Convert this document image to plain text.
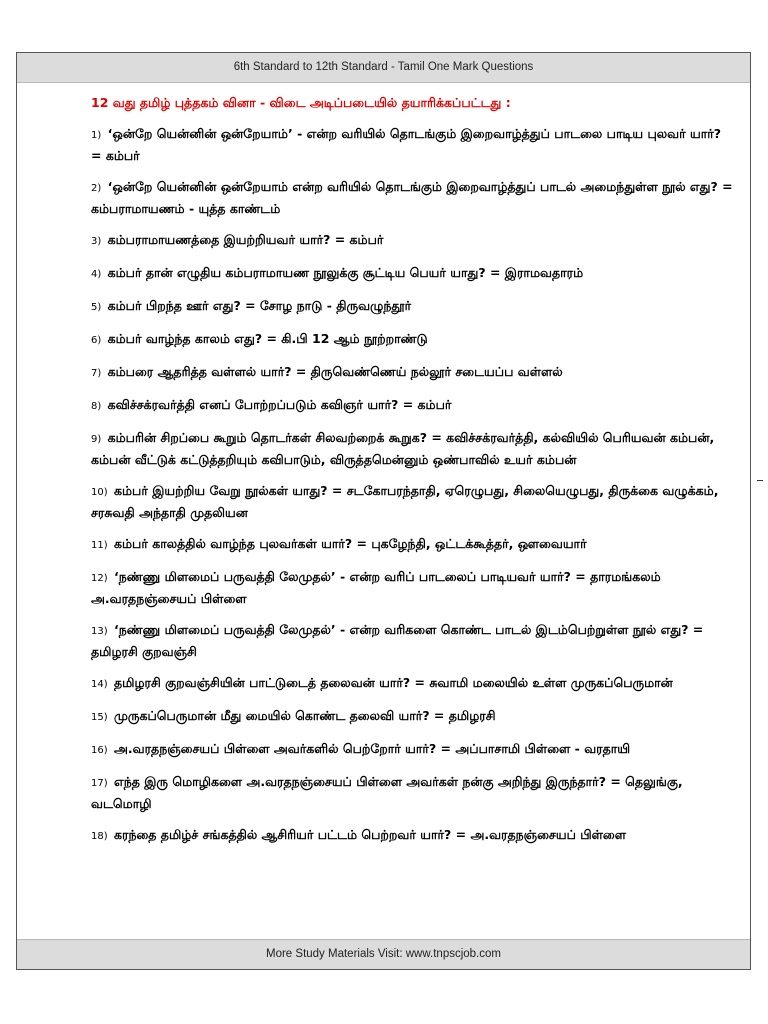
6th Standard to 12th Standard - Tamil One Mark Questions
12 வது தமிழ் புத்தகம் வினா - விடை அடிப்படையில் தயாரிக்கப்பட்டது :
1) ‘ஒன்றே யென்னின் ஒன்றேயாம்’ - என்ற வரியில் தொடங்கும் இறைவாழ்த்துப் பாடலை பாடிய புலவர் யார்? = கம்பர்
2) ‘ஒன்றே யென்னின் ஒன்றேயாம் என்ற வரியில் தொடங்கும் இறைவாழ்த்துப் பாடல் அமைந்துள்ள நூல் எது? = கம்பராமாயணம் - யுத்த காண்டம்
3) கம்பராமாயணத்தை இயற்றியவர் யார்? = கம்பர்
4) கம்பர் தான் எழுதிய கம்பராமாயண நூலுக்கு சூட்டிய பெயர் யாது? = இராமவதாரம்
5) கம்பர் பிறந்த ஊர் எது? = சோழ நாடு - திருவழுந்தூர்
6) கம்பர் வாழ்ந்த காலம் எது? = கி.பி 12 ஆம் நூற்றாண்டு
7) கம்பரை ஆதரித்த வள்ளல் யார்? = திருவெண்ணெய் நல்லூர் சடையப்ப வள்ளல்
8) கவிச்சக்ரவர்த்தி எனப் போற்றப்படும் கவிஞர் யார்? = கம்பர்
9) கம்பரின் சிறப்பை கூறும் தொடர்கள் சிலவற்றைக் கூறுக? = கவிச்சக்ரவர்த்தி, கல்வியில் பெரியவன் கம்பன், கம்பன் வீட்டுக் கட்டுத்தறியும் கவிபாடும், விருத்தமென்னும் ஒண்பாவில் உயர் கம்பன்
10) கம்பர் இயற்றிய வேறு நூல்கள் யாது? = சடகோபரந்தாதி, ஏரெழுபது, சிலையெழுபது, திருக்கை வழுக்கம், சரசுவதி அந்தாதி முதலியன
11) கம்பர் காலத்தில் வாழ்ந்த புலவர்கள் யார்? = புகழேந்தி, ஒட்டக்கூத்தர், ஔவையார்
12) ‘நண்ணு மிளமைப் பருவத்தி லேமுதல்’ - என்ற வரிப் பாடலைப் பாடியவர் யார்? = தாரமங்கலம் அ.வரதநஞ்சையப் பிள்ளை
13) ‘நண்ணு மிளமைப் பருவத்தி லேமுதல்’ - என்ற வரிகளை கொண்ட பாடல் இடம்பெற்றுள்ள நூல் எது? = தமிழரசி குறவஞ்சி
14) தமிழரசி குறவஞ்சியின் பாட்டுடைத் தலைவன் யார்? = சுவாமி மலையில் உள்ள முருகப்பெருமான்
15) முருகப்பெருமான் மீது மையில் கொண்ட தலைவி யார்? = தமிழரசி
16) அ.வரதநஞ்சையப் பிள்ளை அவர்களில் பெற்றோர் யார்? = அப்பாசாமி பிள்ளை - வரதாயி
17) எந்த இரு மொழிகளை அ.வரதநஞ்சையப் பிள்ளை அவர்கள் நன்கு அறிந்து இருந்தார்? = தெலுங்கு, வடமொழி
18) கரந்தை தமிழ்ச் சங்கத்தில் ஆசிரியர் பட்டம் பெற்றவர் யார்? = அ.வரதநஞ்சையப் பிள்ளை
More Study Materials Visit: www.tnpscjob.com
